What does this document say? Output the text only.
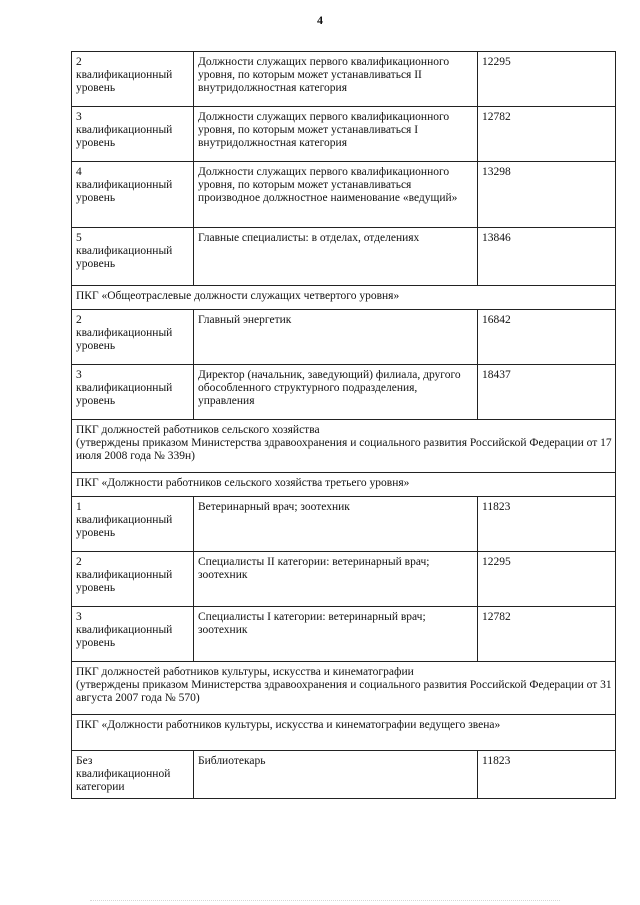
4
2
квалификационный
уровень	Должности служащих первого квалификационного уровня, по которым может устанавливаться II внутридолжностная категория	12295

3
квалификационный
уровень	Должности служащих первого квалификационного уровня, по которым может устанавливаться I внутридолжностная категория	12782

4
квалификационный
уровень	Должности служащих первого квалификационного уровня, по которым может устанавливаться производное должностное наименование «ведущий»	13298

5
квалификационный
уровень	Главные специалисты: в отделах, отделениях	13846
ПКГ «Общеотраслевые должности служащих четвертого уровня»		

2
квалификационный
уровень	Главный энергетик	16842

3
квалификационный
уровень	Директор (начальник, заведующий) филиала, другого обособленного структурного подразделения, управления	18437
ПКГ должностей работников сельского хозяйства
(утверждены приказом Министерства здравоохранения и социального развития Российской Федерации от 17 июля 2008 года № 339н)		
ПКГ «Должности работников сельского хозяйства третьего уровня»		

1
квалификационный
уровень	Ветеринарный врач; зоотехник	11823

2
квалификационный
уровень	Специалисты II категории: ветеринарный врач; зоотехник	12295

3
квалификационный
уровень	Специалисты I категории: ветеринарный врач; зоотехник	12782
ПКГ должностей работников культуры, искусства и кинематографии
(утверждены приказом Министерства здравоохранения и социального развития Российской Федерации от 31 августа 2007 года № 570)		
ПКГ «Должности работников культуры, искусства и кинематографии ведущего звена»		

Без
квалификационной
категории	Библиотекарь	11823
